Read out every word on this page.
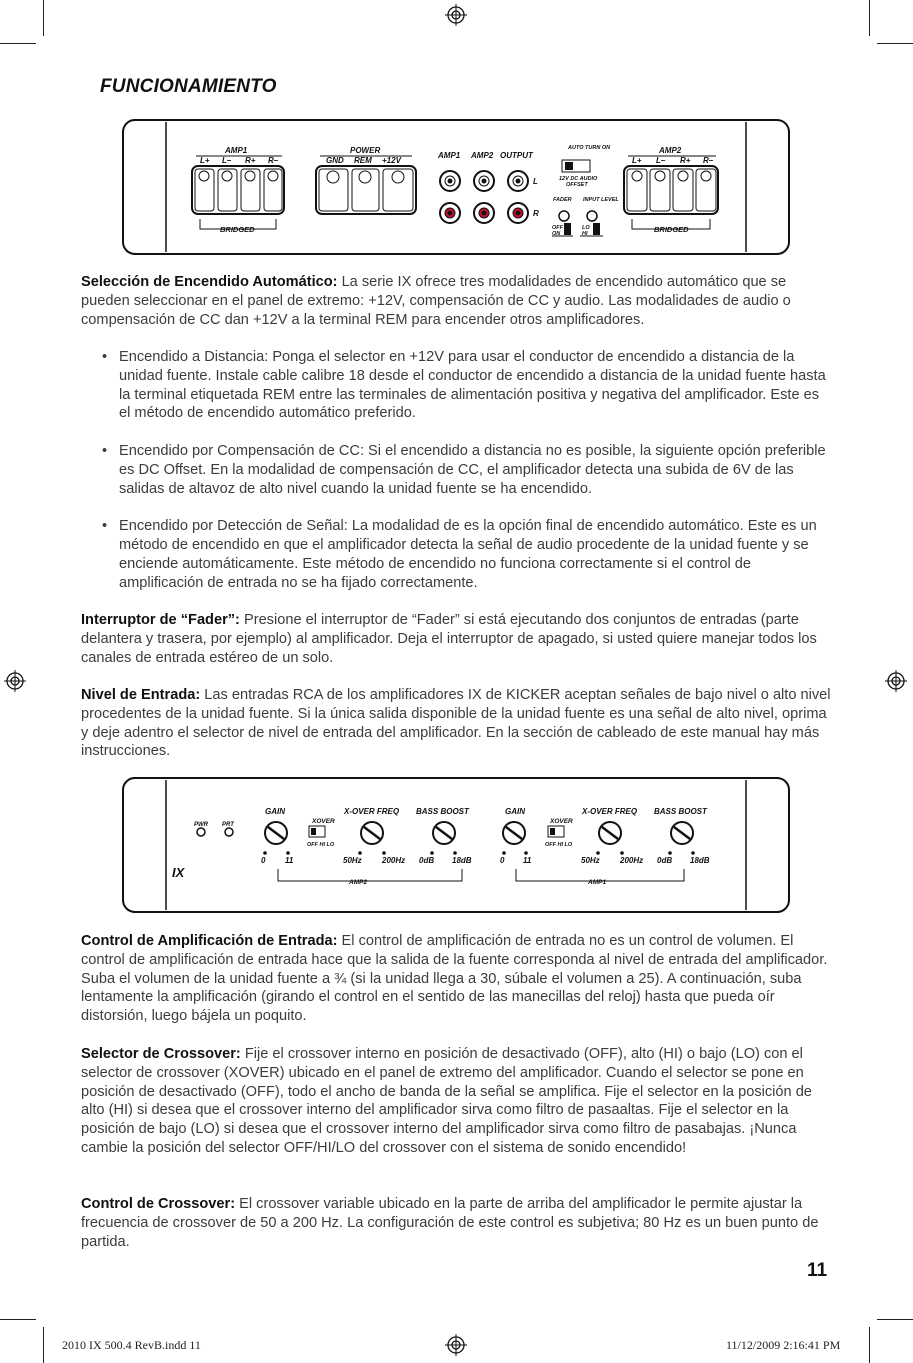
FUNCIONAMIENTO
AMP1
L+ L– R+ R–
BRIDGED
POWER
GND REM +12V
AMP1 AMP2 OUTPUT
L
R
AUTO TURN ON
12V DC AUDIO
OFFSET
FADER INPUT LEVEL
OFF
ON
LO
HI
AMP2
L+ L– R+ R–
BRIDGED

Selección de Encendido Automático: La serie IX ofrece tres modalidades de encendido automático que se pueden seleccionar en el panel de extremo: +12V, compensación de CC y audio. Las modalidades de audio o compensación de CC dan +12V a la terminal REM para encender otros amplificadores.

• Encendido a Distancia: Ponga el selector en +12V para usar el conductor de encendido a distancia de la unidad fuente. Instale cable calibre 18 desde el conductor de encendido a distancia de la unidad fuente hasta la terminal etiquetada REM entre las terminales de alimentación positiva y negativa del amplificador. Este es el método de encendido automático preferido.
• Encendido por Compensación de CC: Si el encendido a distancia no es posible, la siguiente opción preferible es DC Offset. En la modalidad de compensación de CC, el amplificador detecta una subida de 6V de las salidas de altavoz de alto nivel cuando la unidad fuente se ha encendido.
• Encendido por Detección de Señal: La modalidad de es la opción final de encendido automático. Este es un método de encendido en que el amplificador detecta la señal de audio procedente de la unidad fuente y se enciende automáticamente. Este método de encendido no funciona correctamente si el control de amplificación de entrada no se ha fijado correctamente.

Interruptor de “Fader”: Presione el interruptor de “Fader” si está ejecutando dos conjuntos de entradas (parte delantera y trasera, por ejemplo) al amplificador. Deja el interruptor de apagado, si usted quiere manejar todos los canales de entrada estéreo de un solo.

Nivel de Entrada: Las entradas RCA de los amplificadores IX de KICKER aceptan señales de bajo nivel o alto nivel procedentes de la unidad fuente. Si la única salida disponible de la unidad fuente es una señal de alto nivel, oprima y deje adentro el selector de nivel de entrada del amplificador. En la sección de cableado de este manual hay más instrucciones.

IX
PWR PRT
GAIN	X-OVER FREQ BASS BOOST
XOVER
OFF HI LO
0 11	50Hz	200Hz 0dB 18dB
AMP2
GAIN	X-OVER FREQ BASS BOOST
XOVER
OFF HI LO
0 11	50Hz	200Hz 0dB 18dB
AMP1

Control de Amplificación de Entrada: El control de amplificación de entrada no es un control de volumen. El control de amplificación de entrada hace que la salida de la fuente corresponda al nivel de entrada del amplificador. Suba el volumen de la unidad fuente a ¾ (si la unidad llega a 30, súbale el volumen a 25). A continuación, suba lentamente la amplificación (girando el control en el sentido de las manecillas del reloj) hasta que pueda oír distorsión, luego bájela un poquito.

Selector de Crossover: Fije el crossover interno en posición de desactivado (OFF), alto (HI) o bajo (LO) con el selector de crossover (XOVER) ubicado en el panel de extremo del amplificador. Cuando el selector se pone en posición de desactivado (OFF), todo el ancho de banda de la señal se amplifica. Fije el selector en la posición de alto (HI) si desea que el crossover interno del amplificador sirva como filtro de pasaaltas. Fije el selector en la posición de bajo (LO) si desea que el crossover interno del amplificador sirva como filtro de pasabajas. ¡Nunca cambie la posición del selector OFF/HI/LO del crossover con el sistema de sonido encendido!

Control de Crossover: El crossover variable ubicado en la parte de arriba del amplificador le permite ajustar la frecuencia de crossover de 50 a 200 Hz. La configuración de este control es subjetiva; 80 Hz es un buen punto de partida.

11
2010 IX 500.4 RevB.indd 11	11/12/2009 2:16:41 PM
